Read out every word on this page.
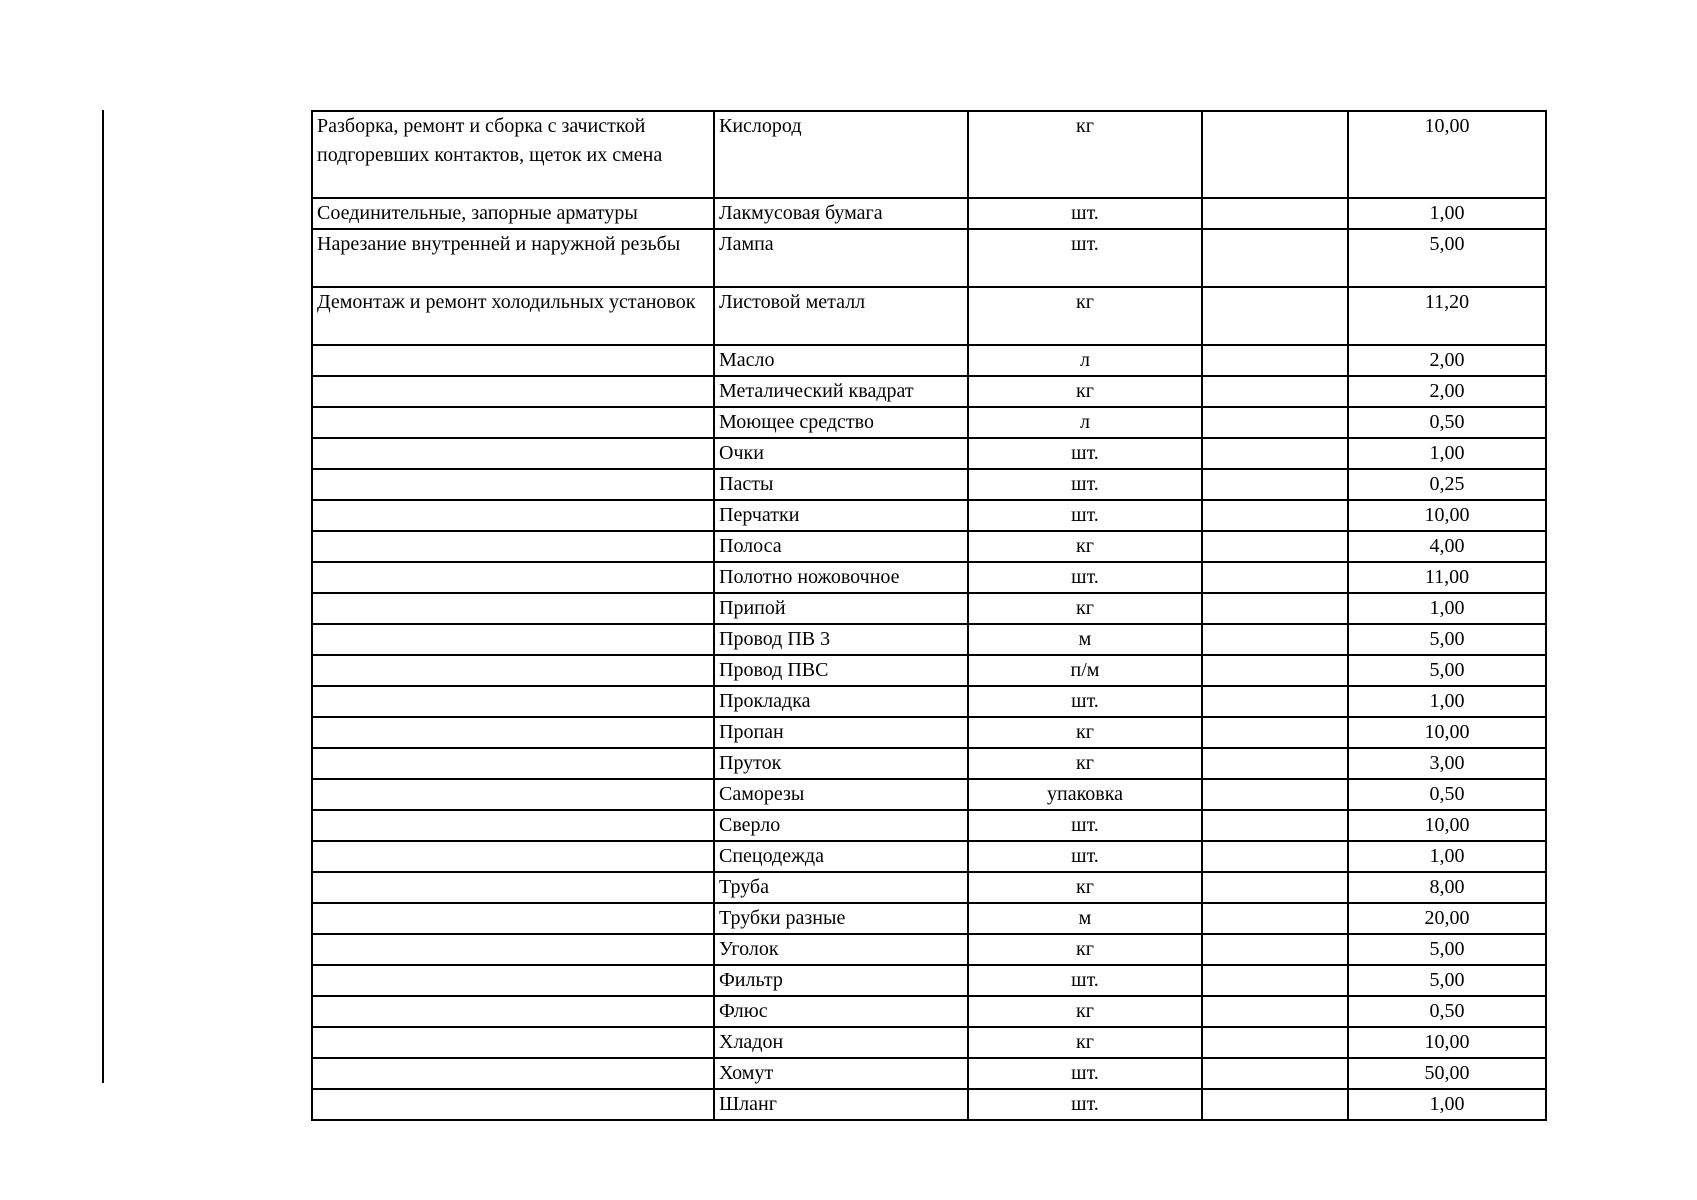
Разборка, ремонт и сборка с зачисткой подгоревших контактов, щеток их смена	Кислород	кг		10,00
Соединительные, запорные арматуры	Лакмусовая бумага	шт.		1,00
Нарезание внутренней и наружной резьбы	Лампа	шт.		5,00
Демонтаж и ремонт холодильных установок	Листовой металл	кг		11,20
	Масло	л		2,00
	Металический квадрат	кг		2,00
	Моющее средство	л		0,50
	Очки	шт.		1,00
	Пасты	шт.		0,25
	Перчатки	шт.		10,00
	Полоса	кг		4,00
	Полотно ножовочное	шт.		11,00
	Припой	кг		1,00
	Провод ПВ 3	м		5,00
	Провод ПВС	п/м		5,00
	Прокладка	шт.		1,00
	Пропан	кг		10,00
	Пруток	кг		3,00
	Саморезы	упаковка		0,50
	Сверло	шт.		10,00
	Спецодежда	шт.		1,00
	Труба	кг		8,00
	Трубки разные	м		20,00
	Уголок	кг		5,00
	Фильтр	шт.		5,00
	Флюс	кг		0,50
	Хладон	кг		10,00
	Хомут	шт.		50,00
	Шланг	шт.		1,00
